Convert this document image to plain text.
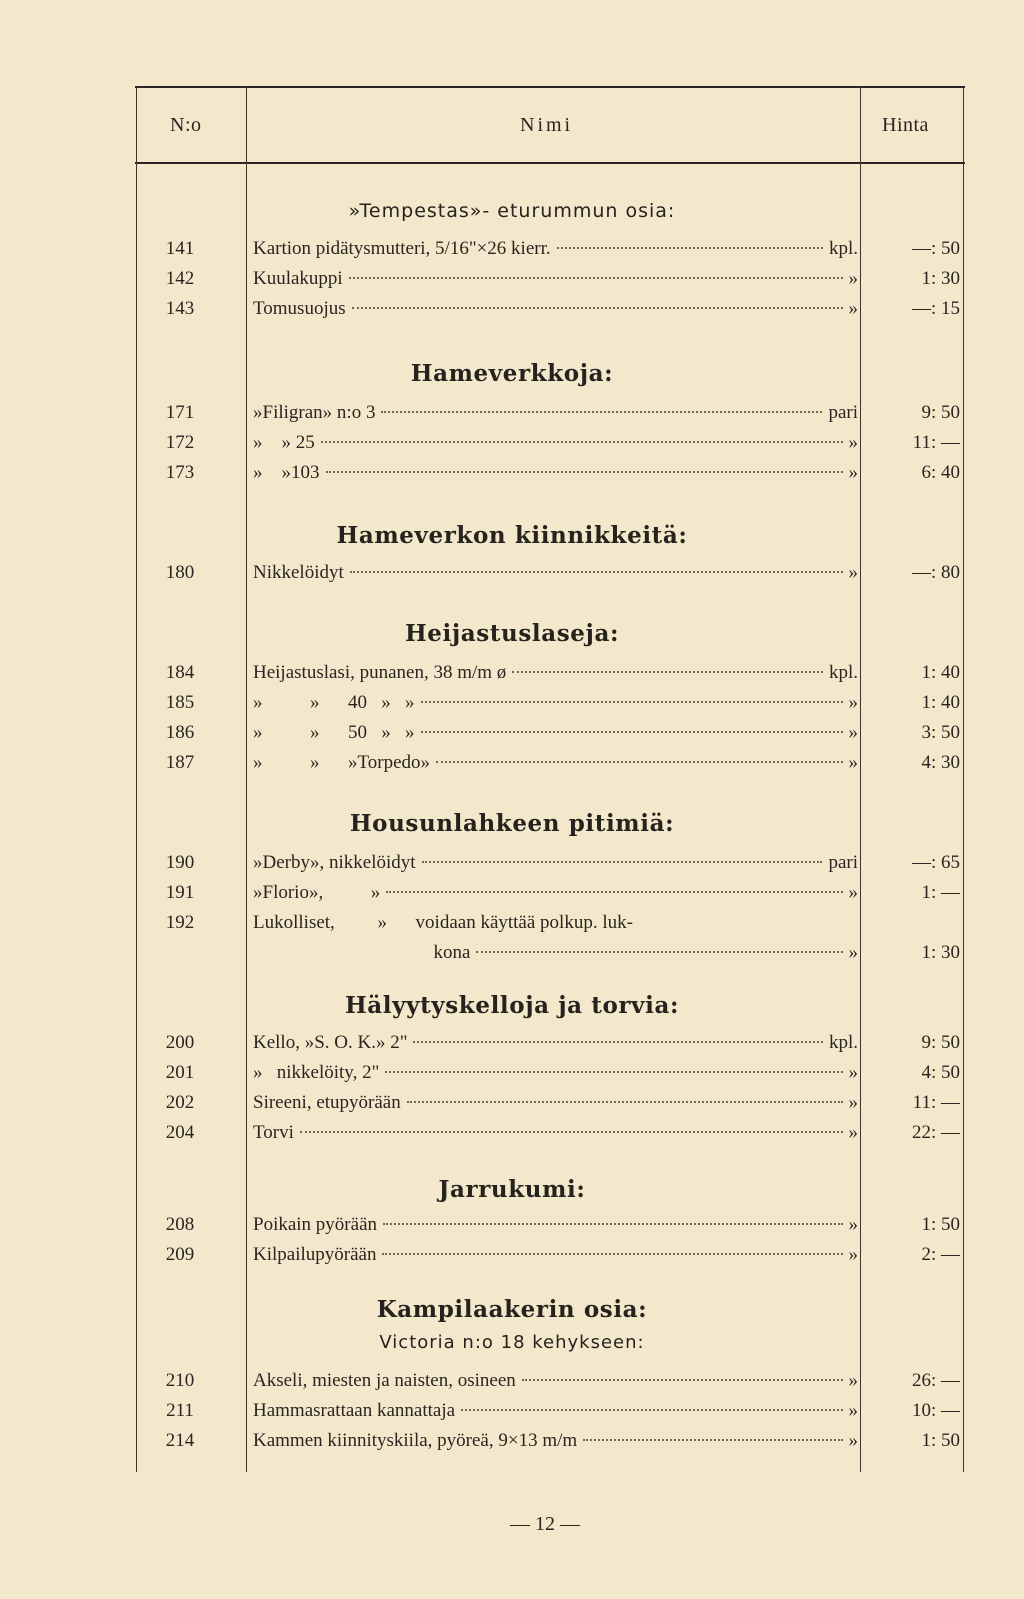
N:o	Nimi	Hinta
»Tempestas»- eturummun osia:
141	Kartion pidätysmutteri, 5/16"×26 kierr.	kpl.	—: 50
142	Kuulakuppi	»	1: 30
143	Tomusuojus	»	—: 15
Hameverkkoja:
171	»Filigran» n:o 3	pari	9: 50
172	»    » 25	»	11: —
173	»    »103	»	6: 40
Hameverkon kiinnikkeitä:
180	Nikkelöidyt	»	—: 80
Heijastuslaseja:
184	Heijastuslasi, punanen, 38 m/m ø	kpl.	1: 40
185	»          »      40   »   »	»	1: 40
186	»          »      50   »   »	»	3: 50
187	»          »      »Torpedo»	»	4: 30
Housunlahkeen pitimiä:
190	»Derby», nikkelöidyt	pari	—: 65
191	»Florio»,          »	»	1: —
192	Lukolliset,         »      voidaan käyttää polkup. luk-
kona	»	1: 30
Hälyytyskelloja ja torvia:
200	Kello, »S. O. K.» 2"	kpl.	9: 50
201	»   nikkelöity, 2"	»	4: 50
202	Sireeni, etupyörään	»	11: —
204	Torvi	»	22: —
Jarrukumi:
208	Poikain pyörään	»	1: 50
209	Kilpailupyörään	»	2: —
Kampilaakerin osia:
Victoria n:o 18 kehykseen:
210	Akseli, miesten ja naisten, osineen	»	26: —
211	Hammasrattaan kannattaja	»	10: —
214	Kammen kiinnityskiila, pyöreä, 9×13 m/m	»	1: 50
— 12 —
